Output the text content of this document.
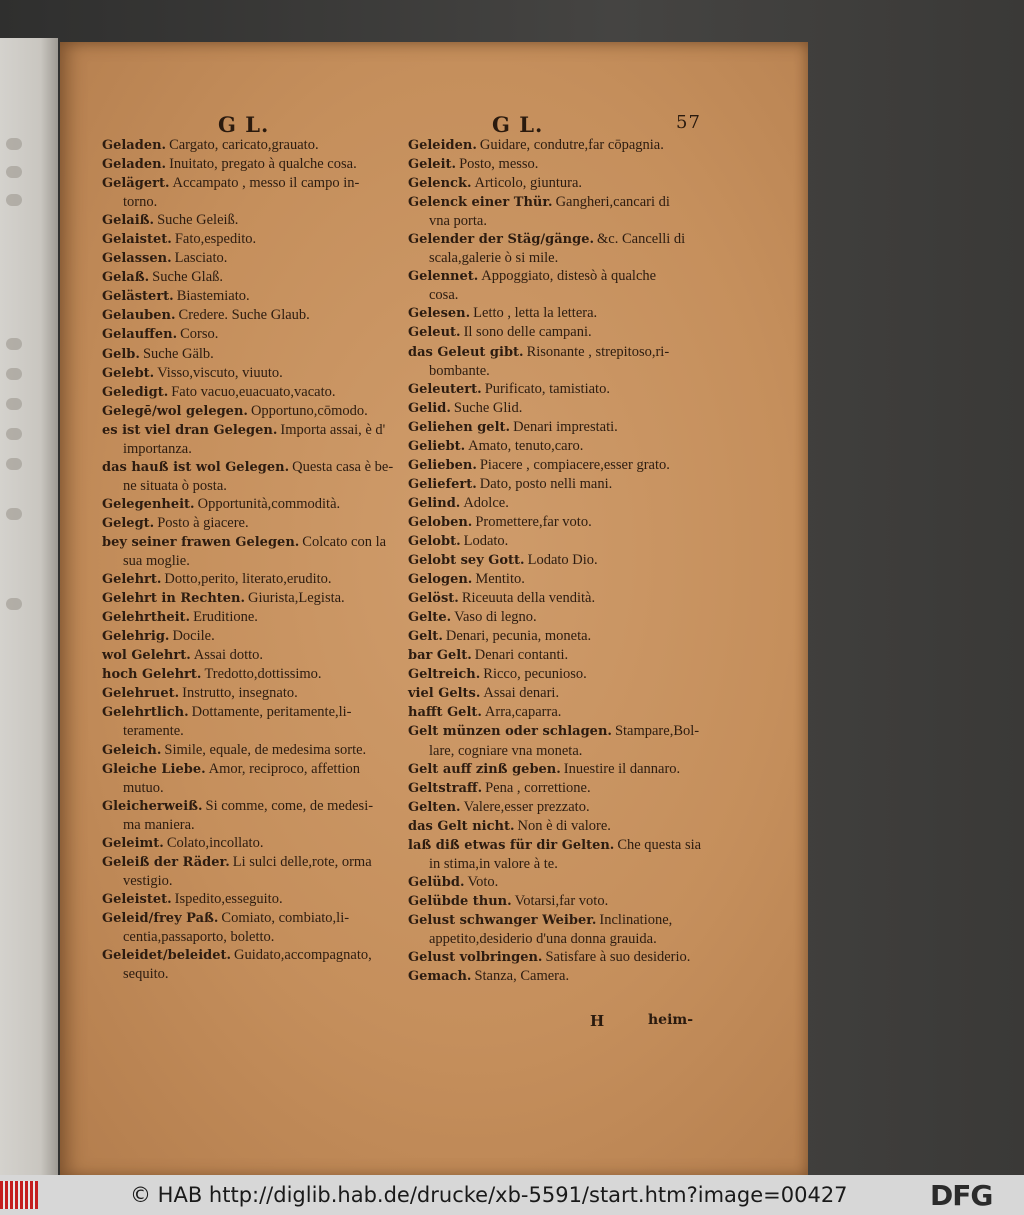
G L.	G L.	57
Geladen. Cargato, caricato,grauato.
Geladen. Inuitato, pregato à qualche cosa.
Gelägert. Accampato , messo il campo in-
torno.
Gelaiß. Suche Geleiß.
Gelaistet. Fato,espedito.
Gelassen. Lasciato.
Gelaß. Suche Glaß.
Gelästert. Biastemiato.
Gelauben. Credere. Suche Glaub.
Gelauffen. Corso.
Gelb. Suche Gälb.
Gelebt. Visso,viscuto, viuuto.
Geledigt. Fato vacuo,euacuato,vacato.
Gelegē/wol gelegen. Opportuno,cōmodo.
es ist viel dran Gelegen. Importa assai, è d'
importanza.
das hauß ist wol Gelegen. Questa casa è be-
ne situata ò posta.
Gelegenheit. Opportunità,commodità.
Gelegt. Posto à giacere.
bey seiner frawen Gelegen. Colcato con la
sua moglie.
Gelehrt. Dotto,perito, literato,erudito.
Gelehrt in Rechten. Giurista,Legista.
Gelehrtheit. Eruditione.
Gelehrig. Docile.
wol Gelehrt. Assai dotto.
hoch Gelehrt. Tredotto,dottissimo.
Gelehruet. Instrutto, insegnato.
Gelehrtlich. Dottamente, peritamente,li-
teramente.
Geleich. Simile, equale, de medesima sorte.
Gleiche Liebe. Amor, reciproco, affettion
mutuo.
Gleicherweiß. Si comme, come, de medesi-
ma maniera.
Geleimt. Colato,incollato.
Geleiß der Räder. Li sulci delle,rote, orma
vestigio.
Geleistet. Ispedito,esseguito.
Geleid/frey Paß. Comiato, combiato,li-
centia,passaporto, boletto.
Geleidet/beleidet. Guidato,accompagnato,
sequito.
Geleiden. Guidare, condutre,far cōpagnia.
Geleit. Posto, messo.
Gelenck. Articolo, giuntura.
Gelenck einer Thür. Gangheri,cancari di
vna porta.
Gelender der Stäg/gänge. &c. Cancelli di
scala,galerie ò si mile.
Gelennet. Appoggiato, distesò à qualche
cosa.
Gelesen. Letto , letta la lettera.
Geleut. Il sono delle campani.
das Geleut gibt. Risonante , strepitoso,ri-
bombante.
Geleutert. Purificato, tamistiato.
Gelid. Suche Glid.
Geliehen gelt. Denari imprestati.
Geliebt. Amato, tenuto,caro.
Gelieben. Piacere , compiacere,esser grato.
Geliefert. Dato, posto nelli mani.
Gelind. Adolce.
Geloben. Promettere,far voto.
Gelobt. Lodato.
Gelobt sey Gott. Lodato Dio.
Gelogen. Mentito.
Gelöst. Riceuuta della vendità.
Gelte. Vaso di legno.
Gelt. Denari, pecunia, moneta.
bar Gelt. Denari contanti.
Geltreich. Ricco, pecunioso.
viel Gelts. Assai denari.
hafft Gelt. Arra,caparra.
Gelt münzen oder schlagen. Stampare,Bol-
lare, cogniare vna moneta.
Gelt auff zinß geben. Inuestire il dannaro.
Geltstraff. Pena , correttione.
Gelten. Valere,esser prezzato.
das Gelt nicht. Non è di valore.
laß diß etwas für dir Gelten. Che questa sia
in stima,in valore à te.
Gelübd. Voto.
Gelübde thun. Votarsi,far voto.
Gelust schwanger Weiber. Inclinatione,
appetito,desiderio d'una donna grauida.
Gelust volbringen. Satisfare à suo desiderio.
Gemach. Stanza, Camera.
H	heim-
© HAB http://diglib.hab.de/drucke/xb-5591/start.htm?image=00427	DFG
